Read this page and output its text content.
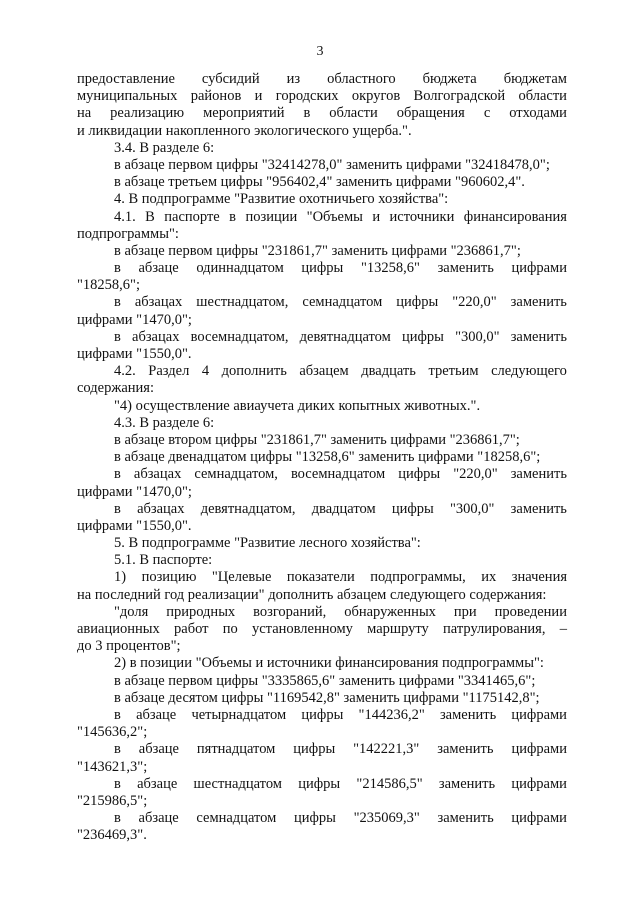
3
предоставление субсидий из областного бюджета бюджетам
муниципальных районов и городских округов Волгоградской области
на реализацию мероприятий в области обращения с отходами
и ликвидации накопленного экологического ущерба.".
3.4. В разделе 6:
в абзаце первом цифры "32414278,0" заменить цифрами "32418478,0";
в абзаце третьем цифры "956402,4" заменить цифрами "960602,4".
4. В подпрограмме "Развитие охотничьего хозяйства":
4.1. В паспорте в позиции "Объемы и источники финансирования
подпрограммы":
в абзаце первом цифры "231861,7" заменить цифрами "236861,7";
в абзаце одиннадцатом цифры "13258,6" заменить цифрами
"18258,6";
в абзацах шестнадцатом, семнадцатом цифры "220,0" заменить
цифрами "1470,0";
в абзацах восемнадцатом, девятнадцатом цифры "300,0" заменить
цифрами "1550,0".
4.2. Раздел 4 дополнить абзацем двадцать третьим следующего
содержания:
"4) осуществление авиаучета диких копытных животных.".
4.3. В разделе 6:
в абзаце втором цифры "231861,7" заменить цифрами "236861,7";
в абзаце двенадцатом цифры "13258,6" заменить цифрами "18258,6";
в абзацах семнадцатом, восемнадцатом цифры "220,0" заменить
цифрами "1470,0";
в абзацах девятнадцатом, двадцатом цифры "300,0" заменить
цифрами "1550,0".
5. В подпрограмме "Развитие лесного хозяйства":
5.1. В паспорте:
1) позицию "Целевые показатели подпрограммы, их значения
на последний год реализации" дополнить абзацем следующего содержания:
"доля природных возгораний, обнаруженных при проведении
авиационных работ по установленному маршруту патрулирования, –
до 3 процентов";
2) в позиции "Объемы и источники финансирования подпрограммы":
в абзаце первом цифры "3335865,6" заменить цифрами "3341465,6";
в абзаце десятом цифры "1169542,8" заменить цифрами "1175142,8";
в абзаце четырнадцатом цифры "144236,2" заменить цифрами
"145636,2";
в абзаце пятнадцатом цифры "142221,3" заменить цифрами
"143621,3";
в абзаце шестнадцатом цифры "214586,5" заменить цифрами
"215986,5";
в абзаце семнадцатом цифры "235069,3" заменить цифрами
"236469,3".
